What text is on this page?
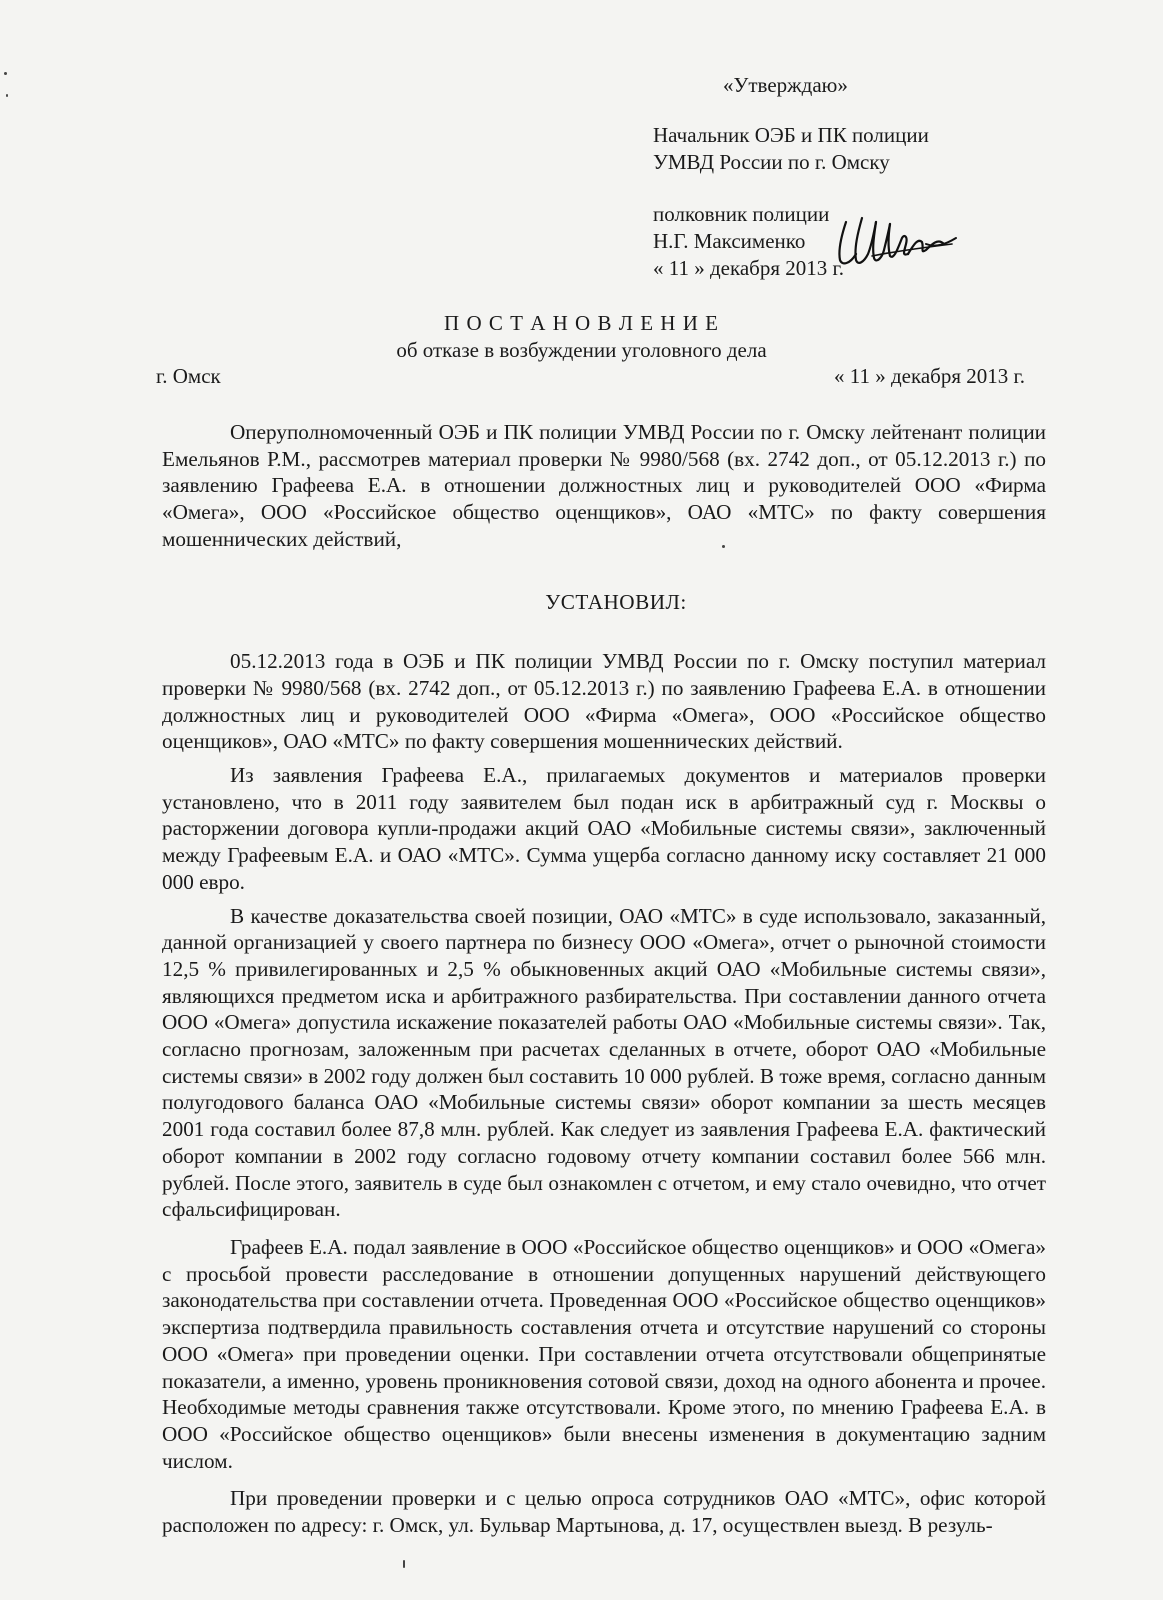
«Утверждаю»
Начальник ОЭБ и ПК полиции
УМВД России по г. Омску
полковник полиции
Н.Г. Максименко
« 11 » декабря 2013 г.
П О С Т А Н О В Л Е Н И Е
об отказе в возбуждении уголовного дела
г. Омск	« 11 » декабря 2013 г.

Оперуполномоченный ОЭБ и ПК полиции УМВД России по г. Омску лейтенант полиции Емельянов Р.М., рассмотрев материал проверки № 9980/568 (вх. 2742 доп., от 05.12.2013 г.) по заявлению Графеева Е.А. в отношении должностных лиц и руководителей ООО «Фирма «Омега», ООО «Российское общество оценщиков», ОАО «МТС» по факту совершения мошеннических действий,

УСТАНОВИЛ:

05.12.2013 года в ОЭБ и ПК полиции УМВД России по г. Омску поступил материал проверки № 9980/568 (вх. 2742 доп., от 05.12.2013 г.) по заявлению Графеева Е.А. в отношении должностных лиц и руководителей ООО «Фирма «Омега», ООО «Российское общество оценщиков», ОАО «МТС» по факту совершения мошеннических действий.

Из заявления Графеева Е.А., прилагаемых документов и материалов проверки установлено, что в 2011 году заявителем был подан иск в арбитражный суд г. Москвы о расторжении договора купли-продажи акций ОАО «Мобильные системы связи», заключенный между Графеевым Е.А. и ОАО «МТС». Сумма ущерба согласно данному иску составляет 21 000 000 евро.

В качестве доказательства своей позиции, ОАО «МТС» в суде использовало, заказанный, данной организацией у своего партнера по бизнесу ООО «Омега», отчет о рыночной стоимости 12,5 % привилегированных и 2,5 % обыкновенных акций ОАО «Мобильные системы связи», являющихся предметом иска и арбитражного разбирательства. При составлении данного отчета ООО «Омега» допустила искажение показателей работы ОАО «Мобильные системы связи». Так, согласно прогнозам, заложенным при расчетах сделанных в отчете, оборот ОАО «Мобильные системы связи» в 2002 году должен был составить 10 000 рублей. В тоже время, согласно данным полугодового баланса ОАО «Мобильные системы связи» оборот компании за шесть месяцев 2001 года составил более 87,8 млн. рублей. Как следует из заявления Графеева Е.А. фактический оборот компании в 2002 году согласно годовому отчету компании составил более 566 млн. рублей. После этого, заявитель в суде был ознакомлен с отчетом, и ему стало очевидно, что отчет сфальсифицирован.

Графеев Е.А. подал заявление в ООО «Российское общество оценщиков» и ООО «Омега» с просьбой провести расследование в отношении допущенных нарушений действующего законодательства при составлении отчета. Проведенная ООО «Российское общество оценщиков» экспертиза подтвердила правильность составления отчета и отсутствие нарушений со стороны ООО «Омега» при проведении оценки. При составлении отчета отсутствовали общепринятые показатели, а именно, уровень проникновения сотовой связи, доход на одного абонента и прочее. Необходимые методы сравнения также отсутствовали. Кроме этого, по мнению Графеева Е.А. в ООО «Российское общество оценщиков» были внесены изменения в документацию задним числом.

При проведении проверки и с целью опроса сотрудников ОАО «МТС», офис которой расположен по адресу: г. Омск, ул. Бульвар Мартынова, д. 17, осуществлен выезд. В резуль-
